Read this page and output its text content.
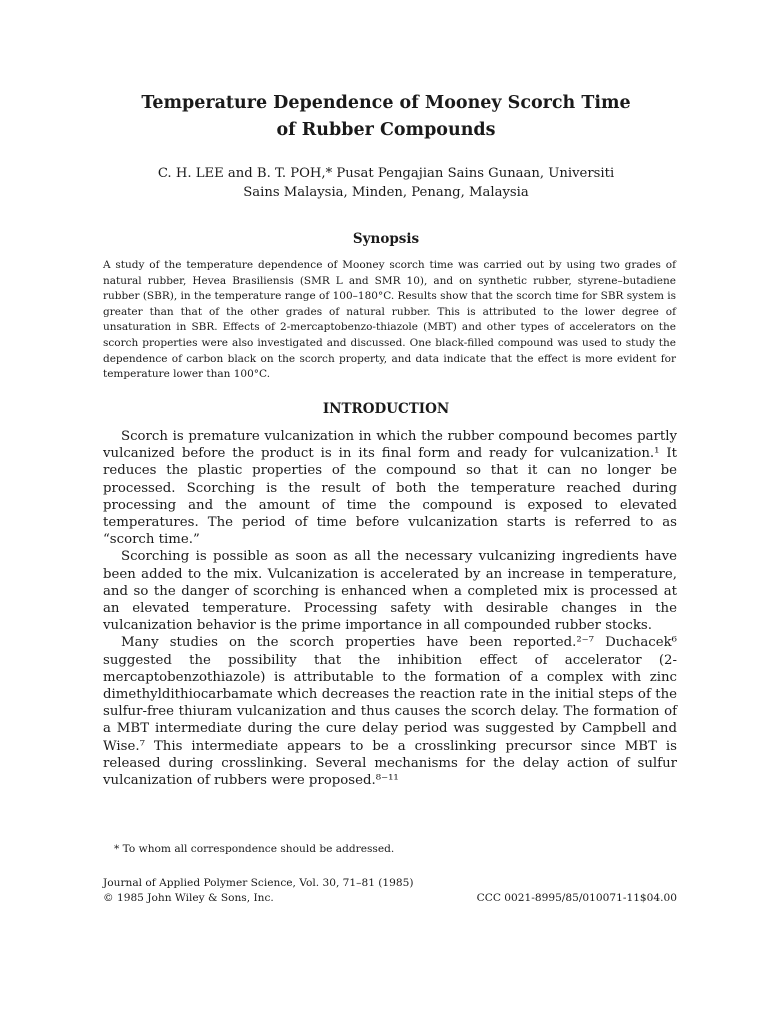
Temperature Dependence of Mooney Scorch Time
of Rubber Compounds
C. H. LEE and B. T. POH,* Pusat Pengajian Sains Gunaan, Universiti
Sains Malaysia, Minden, Penang, Malaysia
Synopsis

A study of the temperature dependence of Mooney scorch time was carried out by using two grades of natural rubber, Hevea Brasiliensis (SMR L and SMR 10), and on synthetic rubber, styrene–butadiene rubber (SBR), in the temperature range of 100–180°C. Results show that the scorch time for SBR system is greater than that of the other grades of natural rubber. This is attributed to the lower degree of unsaturation in SBR. Effects of 2-mercaptobenzo-thiazole (MBT) and other types of accelerators on the scorch properties were also investigated and discussed. One black-filled compound was used to study the dependence of carbon black on the scorch property, and data indicate that the effect is more evident for temperature lower than 100°C.

INTRODUCTION

Scorch is premature vulcanization in which the rubber compound becomes partly vulcanized before the product is in its final form and ready for vulcanization.¹ It reduces the plastic properties of the compound so that it can no longer be processed. Scorching is the result of both the temperature reached during processing and the amount of time the compound is exposed to elevated temperatures. The period of time before vulcanization starts is referred to as “scorch time.”

Scorching is possible as soon as all the necessary vulcanizing ingredients have been added to the mix. Vulcanization is accelerated by an increase in temperature, and so the danger of scorching is enhanced when a completed mix is processed at an elevated temperature. Processing safety with desirable changes in the vulcanization behavior is the prime importance in all compounded rubber stocks.

Many studies on the scorch properties have been reported.²⁻⁷ Duchacek⁶ suggested the possibility that the inhibition effect of accelerator (2-mercaptobenzothiazole) is attributable to the formation of a complex with zinc dimethyldithiocarbamate which decreases the reaction rate in the initial steps of the sulfur-free thiuram vulcanization and thus causes the scorch delay. The formation of a MBT intermediate during the cure delay period was suggested by Campbell and Wise.⁷ This intermediate appears to be a crosslinking precursor since MBT is released during crosslinking. Several mechanisms for the delay action of sulfur vulcanization of rubbers were proposed.⁸⁻¹¹

* To whom all correspondence should be addressed.

Journal of Applied Polymer Science, Vol. 30, 71–81 (1985)
© 1985 John Wiley & Sons, Inc.	CCC 0021-8995/85/010071-11$04.00
